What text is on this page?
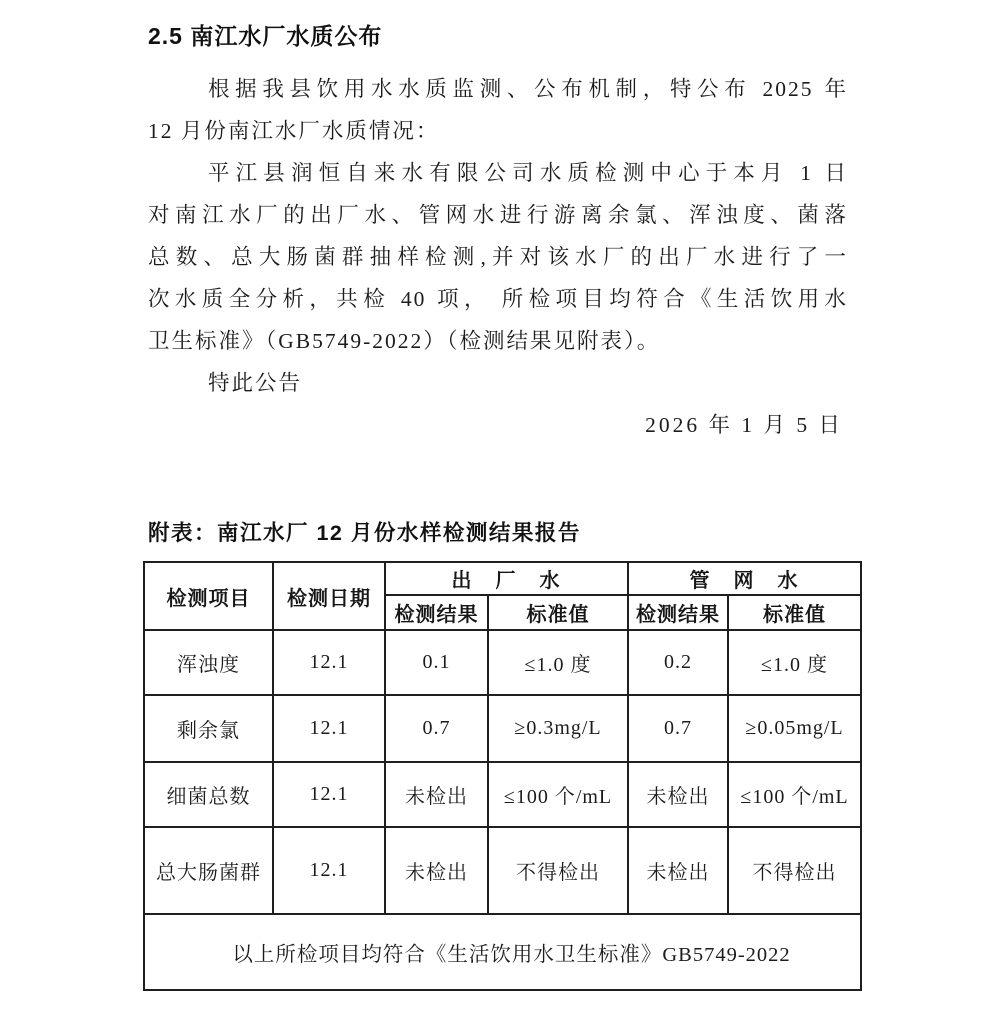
2.5 南江水厂水质公布
根据我县饮用水水质监测、公布机制，特公布 2025 年
12 月份南江水厂水质情况：
平江县润恒自来水有限公司水质检测中心于本月 1 日
对南江水厂的出厂水、管网水进行游离余氯、浑浊度、菌落
总数、总大肠菌群抽样检测,并对该水厂的出厂水进行了一
次水质全分析，共检 40 项， 所检项目均符合《生活饮用水
卫生标准》（GB5749-2022）（检测结果见附表）。
特此公告
2026 年 1 月 5 日
附表：南江水厂 12 月份水样检测结果报告
检测项目	检测日期	出　厂　水		管　网　水	
		检测结果	标准值	检测结果	标准值
浑浊度	12.1	0.1	≤1.0 度	0.2	≤1.0 度
剩余氯	12.1	0.7	≥0.3mg/L	0.7	≥0.05mg/L
细菌总数	12.1	未检出	≤100 个/mL	未检出	≤100 个/mL
总大肠菌群	12.1	未检出	不得检出	未检出	不得检出
以上所检项目均符合《生活饮用水卫生标准》GB5749-2022					
